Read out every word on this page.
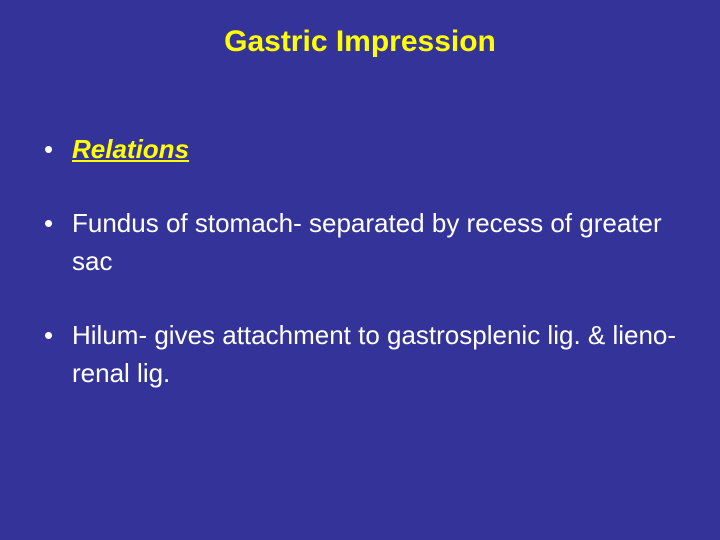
Gastric Impression
• Relations
• Fundus of stomach- separated by recess of greater sac
• Hilum- gives attachment to gastrosplenic lig. & lieno-renal lig.
